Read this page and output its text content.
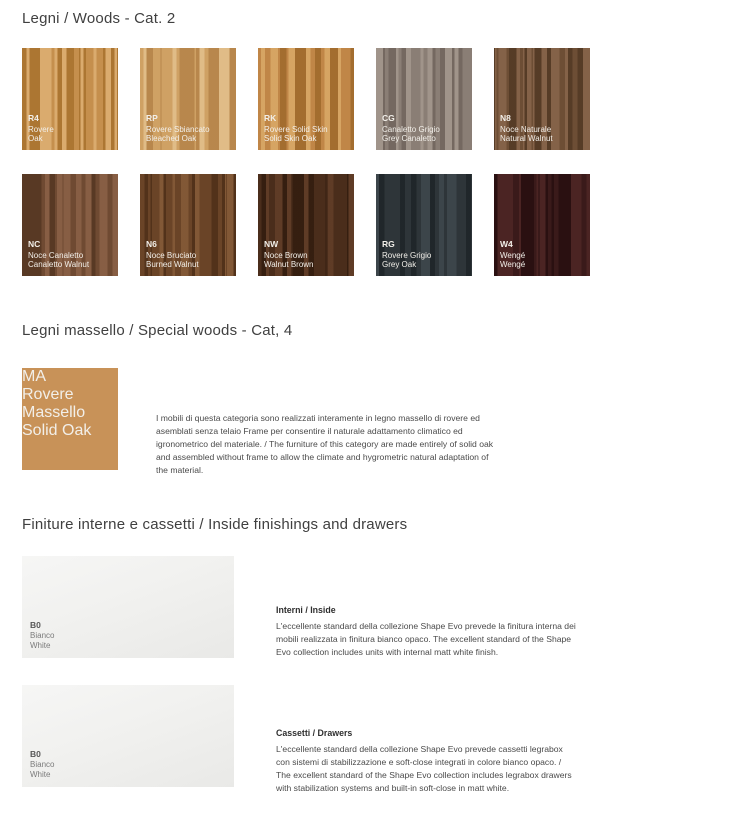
Legni / Woods - Cat. 2
R4
Rovere
Oak
RP
Rovere Sbiancato
Bleached Oak
RK
Rovere Solid Skin
Solid Skin Oak
CG
Canaletto Grigio
Grey Canaletto
N8
Noce Naturale
Natural Walnut
NC
Noce Canaletto
Canaletto Walnut
N6
Noce Bruciato
Burned Walnut
NW
Noce Brown
Walnut Brown
RG
Rovere Grigio
Grey Oak
W4
Wengé
Wengé
Legni massello / Special woods - Cat, 4
MA
Rovere Massello
Solid Oak
I mobili di questa categoria sono realizzati interamente in legno massello di rovere ed asemblati senza telaio Frame per consentire il naturale adattamento climatico ed igronometrico del materiale. / The furniture of this category are made entirely of solid oak and assembled without frame to allow the climate and hygrometric natural adaptation of the material.
Finiture interne e cassetti / Inside finishings and drawers
B0
Bianco
White
Interni / Inside
L'eccellente standard della collezione Shape Evo prevede la finitura interna dei mobili realizzata in finitura bianco opaco. The excellent standard of the Shape Evo collection includes units with internal matt white finish.
B0
Bianco
White
Cassetti / Drawers
L'eccellente standard della collezione Shape Evo prevede cassetti legrabox con sistemi di stabilizzazione e soft-close integrati in colore bianco opaco. / The excellent standard of the Shape Evo collection includes legrabox drawers with stabilization systems and built-in soft-close in matt white.
